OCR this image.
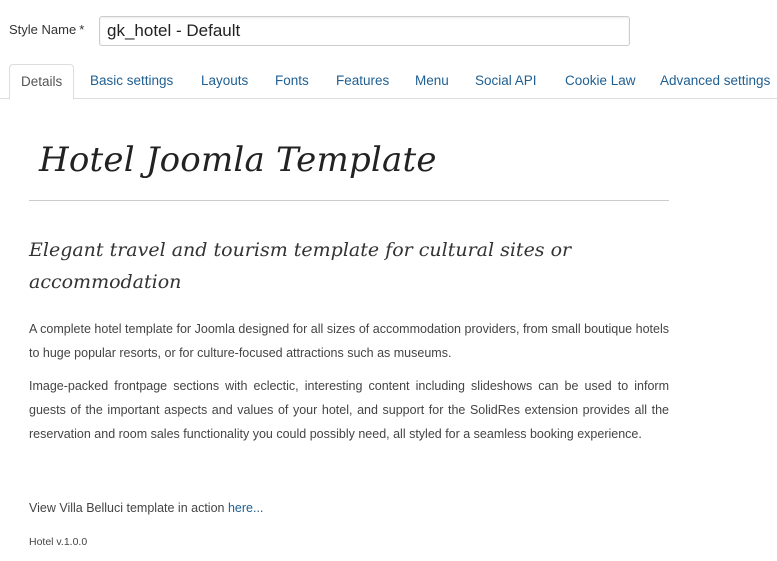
Style Name *
gk_hotel - Default
Details	Basic settings Layouts Fonts Features Menu Social API Cookie Law Advanced settings
Hotel Joomla Template
Elegant travel and tourism template for cultural sites or accommodation

A complete hotel template for Joomla designed for all sizes of accommodation providers, from small boutique hotels to huge popular resorts, or for culture-focused attractions such as museums.

Image-packed frontpage sections with eclectic, interesting content including slideshows can be used to inform guests of the important aspects and values of your hotel, and support for the SolidRes extension provides all the reservation and room sales functionality you could possibly need, all styled for a seamless booking experience.

View Villa Belluci template in action here...
Hotel v.1.0.0
